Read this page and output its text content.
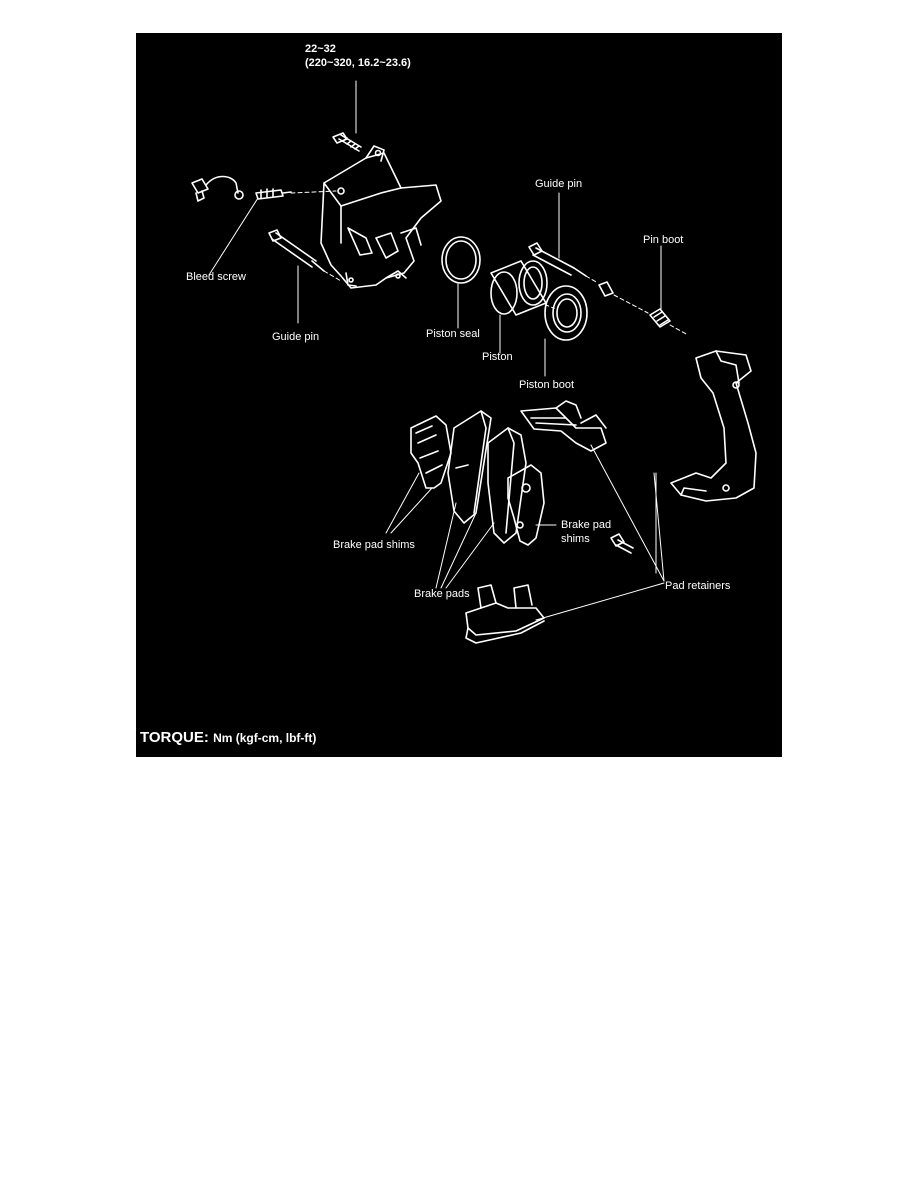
22~32
(220~320, 16.2~23.6)
Bleed screw
Guide pin
Guide pin
Pin boot
Piston seal
Piston
Piston boot
Brake pad shims
Brake pad
shims
Brake pads
Pad retainers
TORQUE: Nm (kgf-cm, lbf-ft)
